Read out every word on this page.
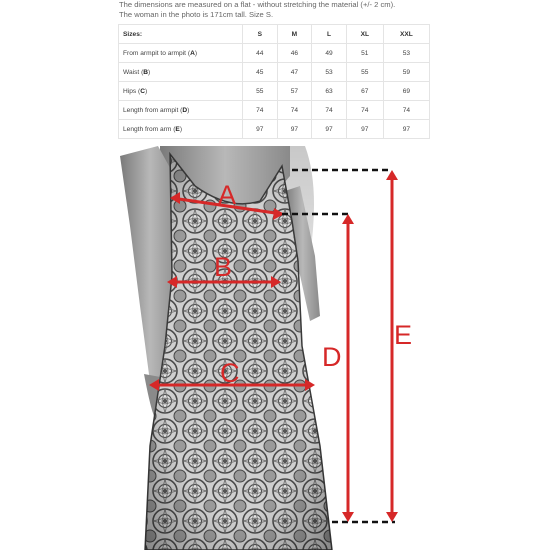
The dimensions are measured on a flat - without stretching the material (+/- 2 cm).

The woman in the photo is 171cm tall. Size S.

Sizes:	S	M	L	XL	XXL
From armpit to armpit (A)	44	46	49	51	53
Waist (B)	45	47	53	55	59
Hips (C)	55	57	63	67	69
Length from armpit (D)	74	74	74	74	74
Length from arm (E)	97	97	97	97	97
A
B
C
D
E
